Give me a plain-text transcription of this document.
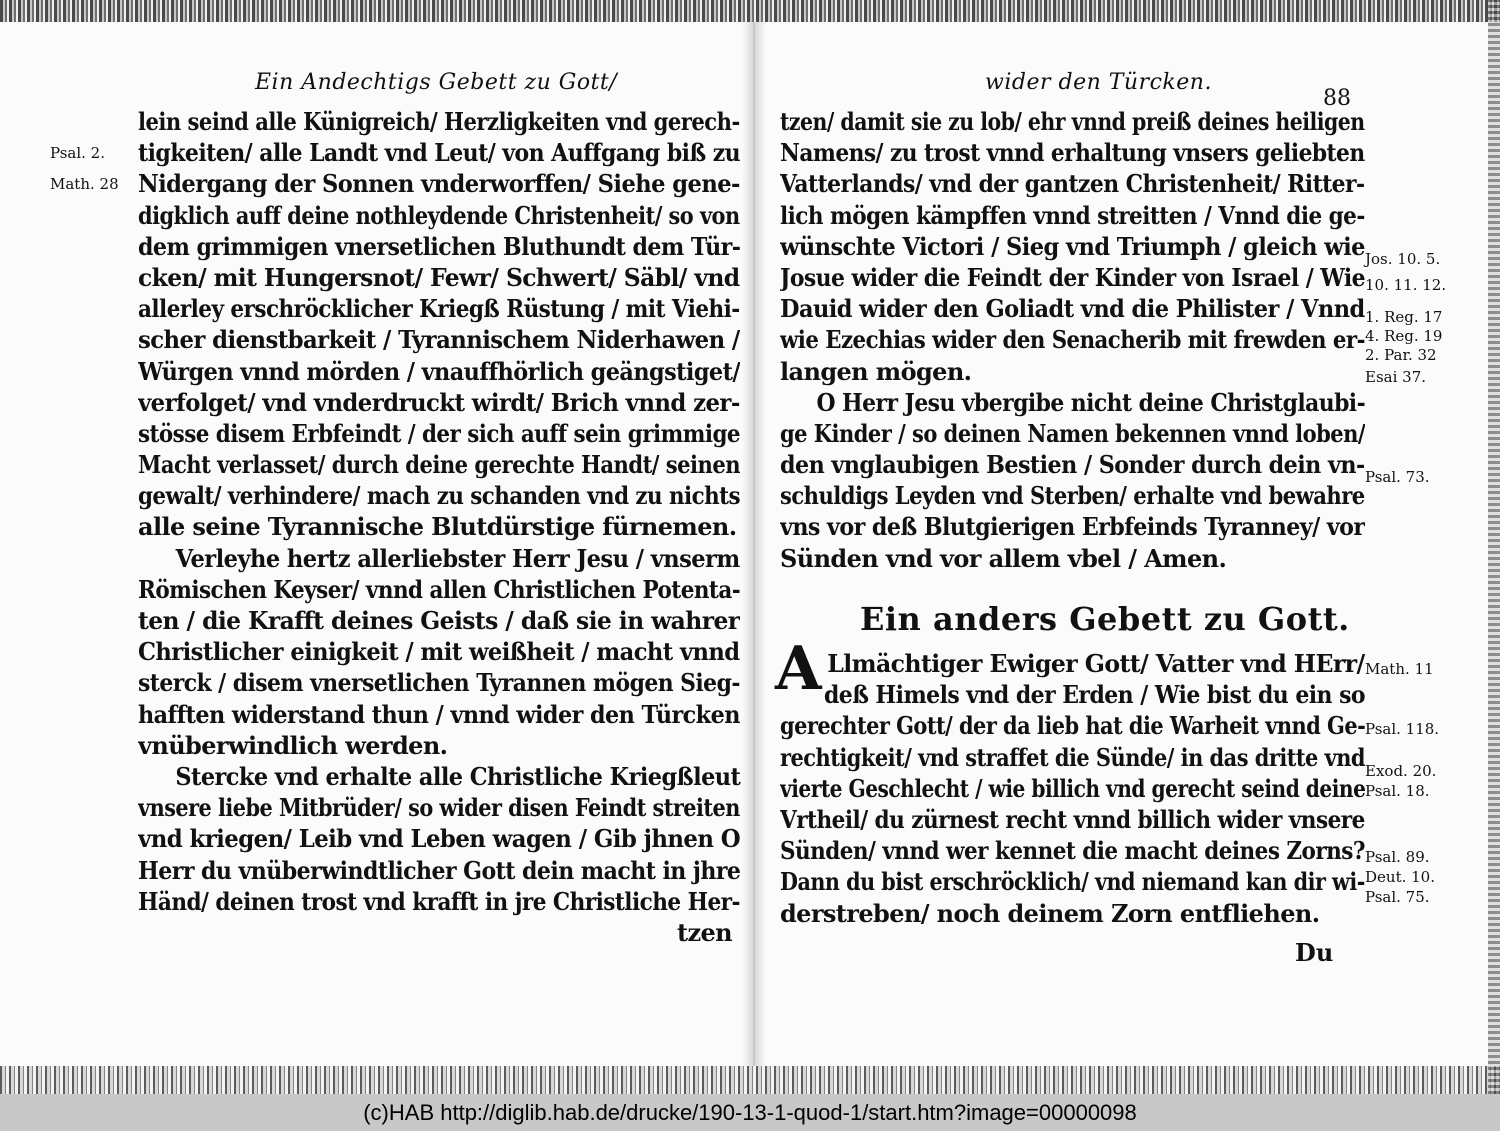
Ein Andechtigs Gebett zu Gott/
Psal. 2.
Math. 28
lein seind alle Künigreich/ Herzligkeiten vnd gerech-
tigkeiten/ alle Landt vnd Leut/ von Auffgang biß zu
Nidergang der Sonnen vnderworffen/ Siehe gene-
digklich auff deine nothleydende Christenheit/ so von
dem grimmigen vnersetlichen Bluthundt dem Tür-
cken/ mit Hungersnot/ Fewr/ Schwert/ Säbl/ vnd
allerley erschröcklicher Kriegß Rüstung / mit Viehi-
scher dienstbarkeit / Tyrannischem Niderhawen /
Würgen vnnd mörden / vnauffhörlich geängstiget/
verfolget/ vnd vnderdruckt wirdt/ Brich vnnd zer-
stösse disem Erbfeindt / der sich auff sein grimmige
Macht verlasset/ durch deine gerechte Handt/ seinen
gewalt/ verhindere/ mach zu schanden vnd zu nichts
alle seine Tyrannische Blutdürstige fürnemen.
Verleyhe hertz allerliebster Herr Jesu / vnserm
Römischen Keyser/ vnnd allen Christlichen Potenta-
ten / die Krafft deines Geists / daß sie in wahrer
Christlicher einigkeit / mit weißheit / macht vnnd
sterck / disem vnersetlichen Tyrannen mögen Sieg-
hafften widerstand thun / vnnd wider den Türcken
vnüberwindlich werden.
Stercke vnd erhalte alle Christliche Kriegßleut
vnsere liebe Mitbrüder/ so wider disen Feindt streiten
vnd kriegen/ Leib vnd Leben wagen / Gib jhnen O
Herr du vnüberwindtlicher Gott dein macht in jhre
Händ/ deinen trost vnd krafft in jre Christliche Her-
tzen
wider den Türcken.
88
tzen/ damit sie zu lob/ ehr vnnd preiß deines heiligen
Namens/ zu trost vnnd erhaltung vnsers geliebten
Vatterlands/ vnd der gantzen Christenheit/ Ritter-
lich mögen kämpffen vnnd streitten / Vnnd die ge-
wünschte Victori / Sieg vnd Triumph / gleich wie
Josue wider die Feindt der Kinder von Israel / Wie
Dauid wider den Goliadt vnd die Philister / Vnnd
wie Ezechias wider den Senacherib mit frewden er-
langen mögen.
O Herr Jesu vbergibe nicht deine Christglaubi-
ge Kinder / so deinen Namen bekennen vnnd loben/
den vnglaubigen Bestien / Sonder durch dein vn-
schuldigs Leyden vnd Sterben/ erhalte vnd bewahre
vns vor deß Blutgierigen Erbfeinds Tyranney/ vor
Sünden vnd vor allem vbel / Amen.
Ein anders Gebett zu Gott.
A Llmächtiger Ewiger Gott/ Vatter vnd HErr/
deß Himels vnd der Erden / Wie bist du ein so
gerechter Gott/ der da lieb hat die Warheit vnnd Ge-
rechtigkeit/ vnd straffet die Sünde/ in das dritte vnd
vierte Geschlecht / wie billich vnd gerecht seind deine
Vrtheil/ du zürnest recht vnnd billich wider vnsere
Sünden/ vnnd wer kennet die macht deines Zorns?
Dann du bist erschröcklich/ vnd niemand kan dir wi-
derstreben/ noch deinem Zorn entfliehen.
Du
Jos. 10. 5.
10. 11. 12.
1. Reg. 17
4. Reg. 19
2. Par. 32
Esai 37.
Psal. 73.
Math. 11
Psal. 118.
Exod. 20.
Psal. 18.
Psal. 89.
Deut. 10.
Psal. 75.
(c)HAB http://diglib.hab.de/drucke/190-13-1-quod-1/start.htm?image=00000098
